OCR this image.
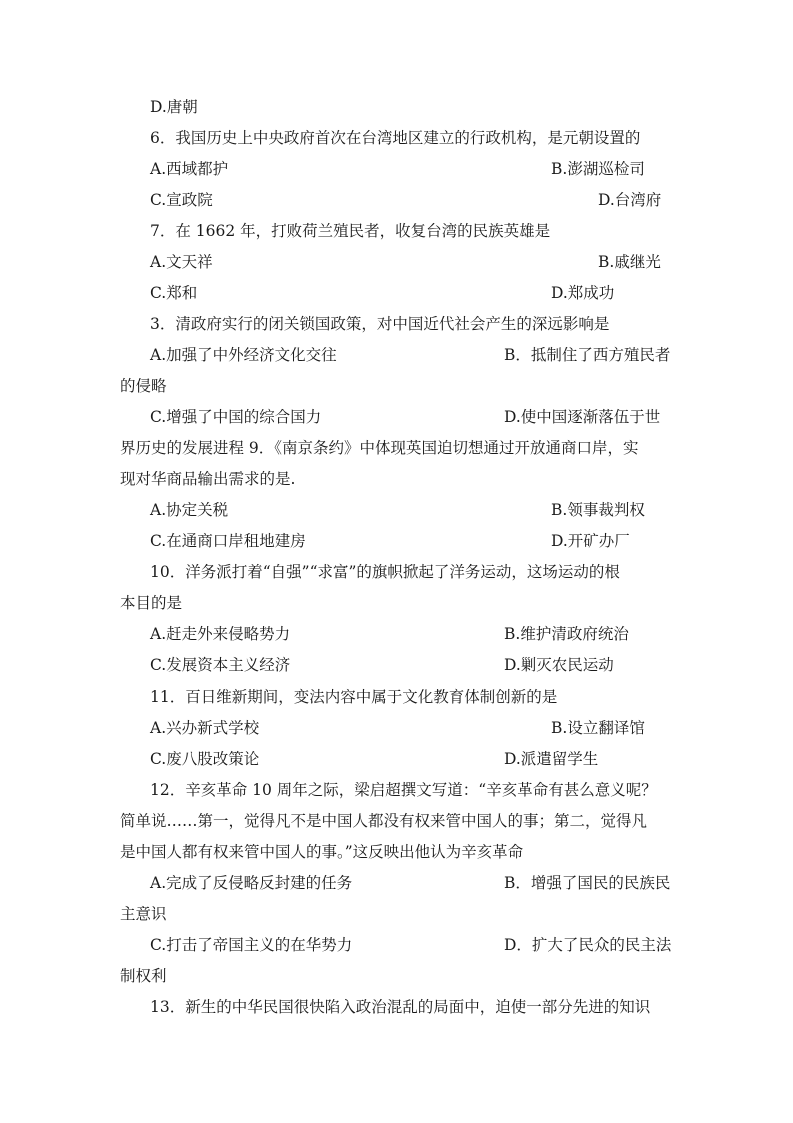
D.唐朝
6．我国历史上中央政府首次在台湾地区建立的行政机构，是元朝设置的
A.西域都护	B.澎湖巡检司
C.宣政院	D.台湾府
7．在 1662 年，打败荷兰殖民者，收复台湾的民族英雄是
A.文天祥	B.戚继光
C.郑和	D.郑成功
3．清政府实行的闭关锁国政策，对中国近代社会产生的深远影响是
A.加强了中外经济文化交往	B．抵制住了西方殖民者
的侵略
C.增强了中国的综合国力	D.使中国逐渐落伍于世
界历史的发展进程 9．《南京条约》中体现英国迫切想通过开放通商口岸，实
现对华商品输出需求的是.
A.协定关税	B.领事裁判权
C.在通商口岸租地建房	D.开矿办厂
10．洋务派打着“自强”“求富”的旗帜掀起了洋务运动，这场运动的根
本目的是
A.赶走外来侵略势力	B.维护清政府统治
C.发展资本主义经济	D.剿灭农民运动
11．百日维新期间，变法内容中属于文化教育体制创新的是
A.兴办新式学校	B.设立翻译馆
C.废八股改策论	D.派遣留学生
12．辛亥革命 10 周年之际，梁启超撰文写道：“辛亥革命有甚么意义呢？
简单说……第一，觉得凡不是中国人都没有权来管中国人的事；第二，觉得凡
是中国人都有权来管中国人的事。”这反映出他认为辛亥革命
A.完成了反侵略反封建的任务	B．增强了国民的民族民
主意识
C.打击了帝国主义的在华势力	D．扩大了民众的民主法
制权利
13．新生的中华民国很快陷入政治混乱的局面中，迫使一部分先进的知识
